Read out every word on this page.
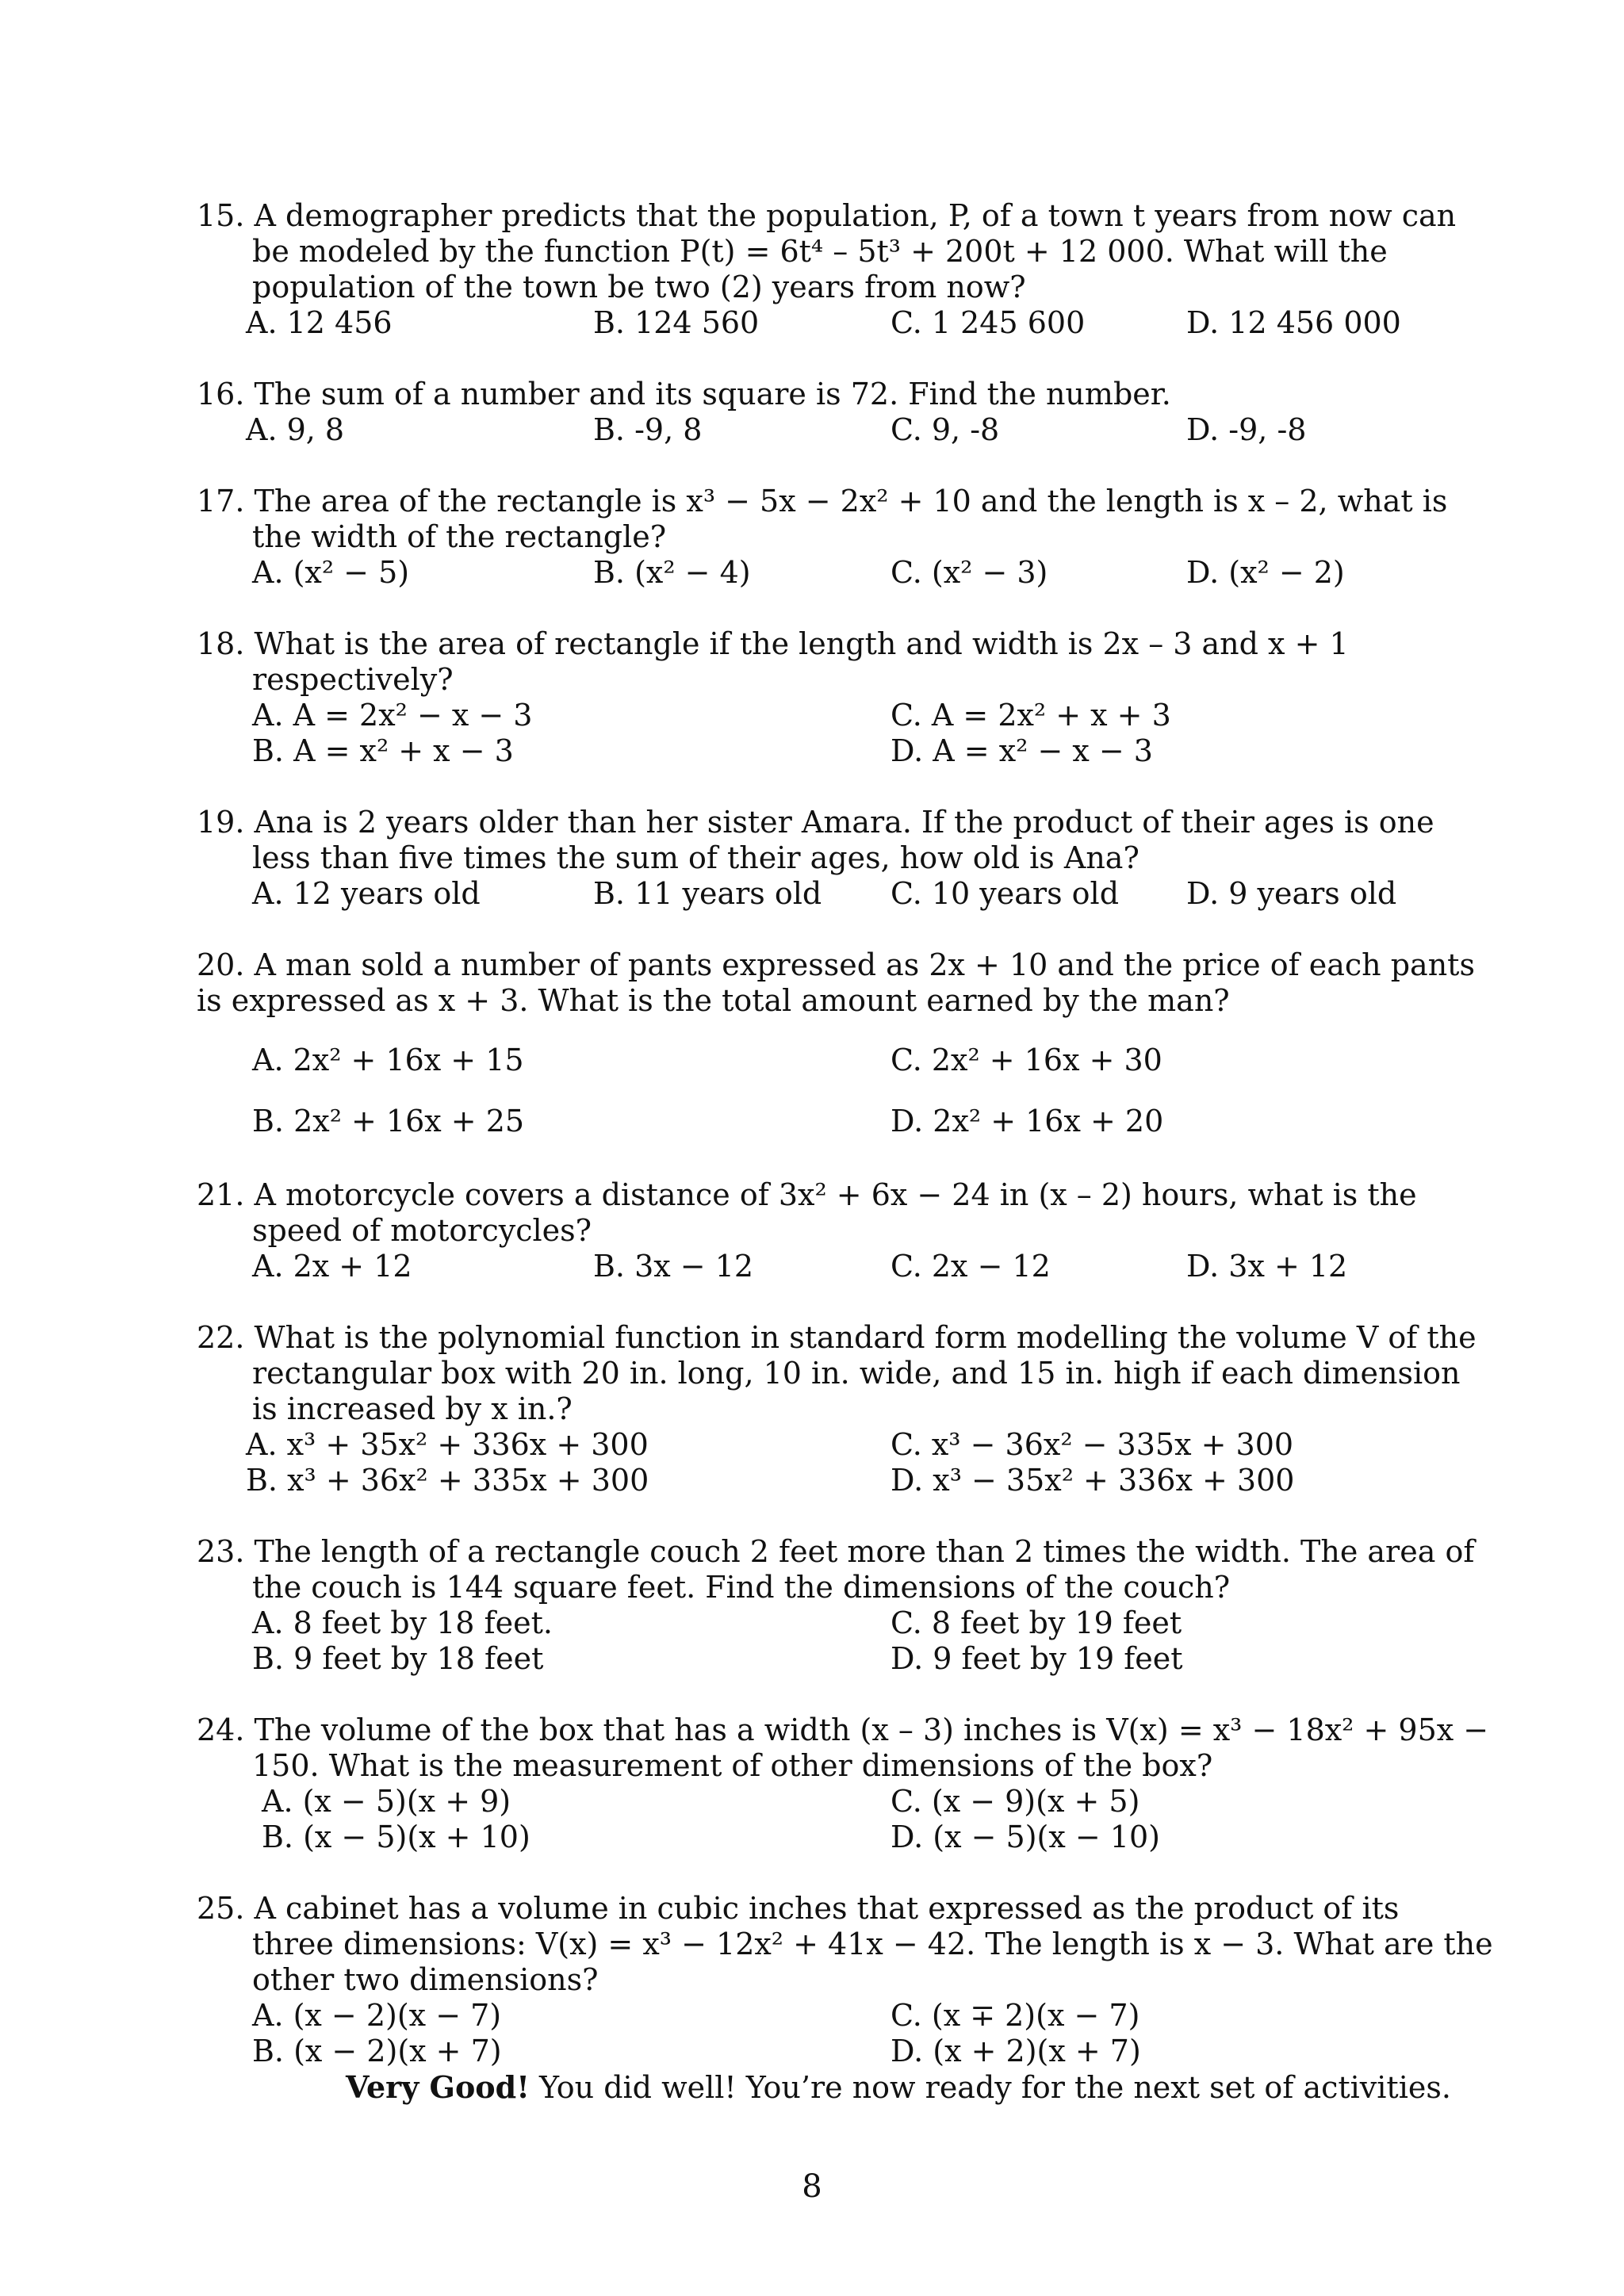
15. A demographer predicts that the population, P, of a town t years from now can
be modeled by the function P(t) = 6t⁴ – 5t³ + 200t + 12 000. What will the
population of the town be two (2) years from now?
A. 12 456	B. 124 560	C. 1 245 600	D. 12 456 000
16. The sum of a number and its square is 72. Find the number.
A. 9, 8	B. -9, 8	C. 9, -8	D. -9, -8
17. The area of the rectangle is x³ − 5x − 2x² + 10 and the length is x – 2, what is
the width of the rectangle?
A. (x² − 5)	B. (x² − 4)	C. (x² − 3)	D. (x² − 2)
18. What is the area of rectangle if the length and width is 2x – 3 and x + 1
respectively?
A. A = 2x² − x − 3	C. A = 2x² + x + 3
B. A = x² + x − 3	D. A = x² − x − 3
19. Ana is 2 years older than her sister Amara. If the product of their ages is one
less than five times the sum of their ages, how old is Ana?
A. 12 years old	B. 11 years old C. 10 years old D. 9 years old
20. A man sold a number of pants expressed as 2x + 10 and the price of each pants
is expressed as x + 3. What is the total amount earned by the man?
A. 2x² + 16x + 15	C. 2x² + 16x + 30
B. 2x² + 16x + 25	D. 2x² + 16x + 20
21. A motorcycle covers a distance of 3x² + 6x − 24 in (x – 2) hours, what is the
speed of motorcycles?
A. 2x + 12	B. 3x − 12	C. 2x − 12	D. 3x + 12
22. What is the polynomial function in standard form modelling the volume V of the
rectangular box with 20 in. long, 10 in. wide, and 15 in. high if each dimension
is increased by x in.?
A. x³ + 35x² + 336x + 300	C. x³ − 36x² − 335x + 300
B. x³ + 36x² + 335x + 300	D. x³ − 35x² + 336x + 300
23. The length of a rectangle couch 2 feet more than 2 times the width. The area of
the couch is 144 square feet. Find the dimensions of the couch?
A. 8 feet by 18 feet.	C. 8 feet by 19 feet
B. 9 feet by 18 feet	D. 9 feet by 19 feet
24. The volume of the box that has a width (x – 3) inches is V(x) = x³ − 18x² + 95x −
150. What is the measurement of other dimensions of the box?
A. (x − 5)(x + 9)	C. (x − 9)(x + 5)
B. (x − 5)(x + 10)	D. (x − 5)(x − 10)
25. A cabinet has a volume in cubic inches that expressed as the product of its
three dimensions: V(x) = x³ − 12x² + 41x − 42. The length is x − 3. What are the
other two dimensions?
A. (x − 2)(x − 7)	C. (x ∓ 2)(x − 7)
B. (x − 2)(x + 7)	D. (x + 2)(x + 7)
Very Good! You did well! You’re now ready for the next set of activities.
8
